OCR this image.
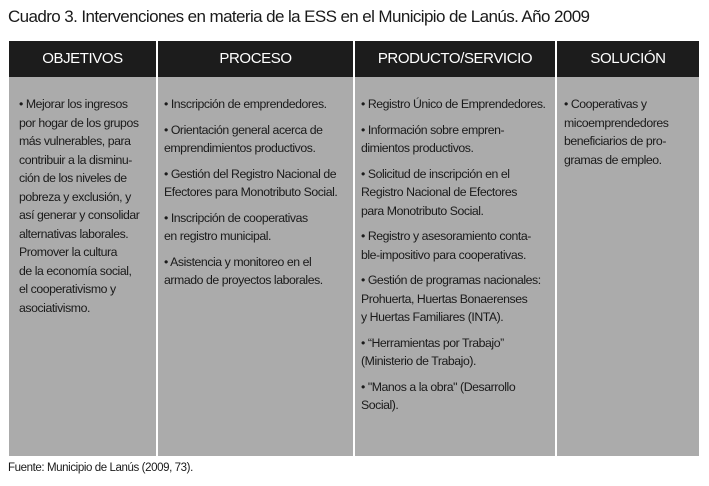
Cuadro 3. Intervenciones en materia de la ESS en el Municipio de Lanús. Año 2009
OBJETIVOS
• Mejorar los ingresos
por hogar de los grupos
más vulnerables, para
contribuir a la disminu-
ción de los niveles de
pobreza y exclusión, y
así generar y consolidar
alternativas laborales.
Promover la cultura
de la economía social,
el cooperativismo y
asociativismo.
PROCESO
• Inscripción de emprendedores.
• Orientación general acerca de
emprendimientos productivos.
• Gestión del Registro Nacional de
Efectores para Monotributo Social.
• Inscripción de cooperativas
en registro municipal.
• Asistencia y monitoreo en el
armado de proyectos laborales.
PRODUCTO/SERVICIO
• Registro Único de Emprendedores.
• Información sobre empren-
dimientos productivos.
• Solicitud de inscripción en el
Registro Nacional de Efectores
para Monotributo Social.
• Registro y asesoramiento conta-
ble-impositivo para cooperativas.
• Gestión de programas nacionales:
Prohuerta, Huertas Bonaerenses
y Huertas Familiares (INTA).
• “Herramientas por Trabajo”
(Ministerio de Trabajo).
• "Manos a la obra" (Desarrollo Social).
SOLUCIÓN
• Cooperativas y
micoemprendedores
beneficiarios de pro-
gramas de empleo.
Fuente: Municipio de Lanús (2009, 73).
